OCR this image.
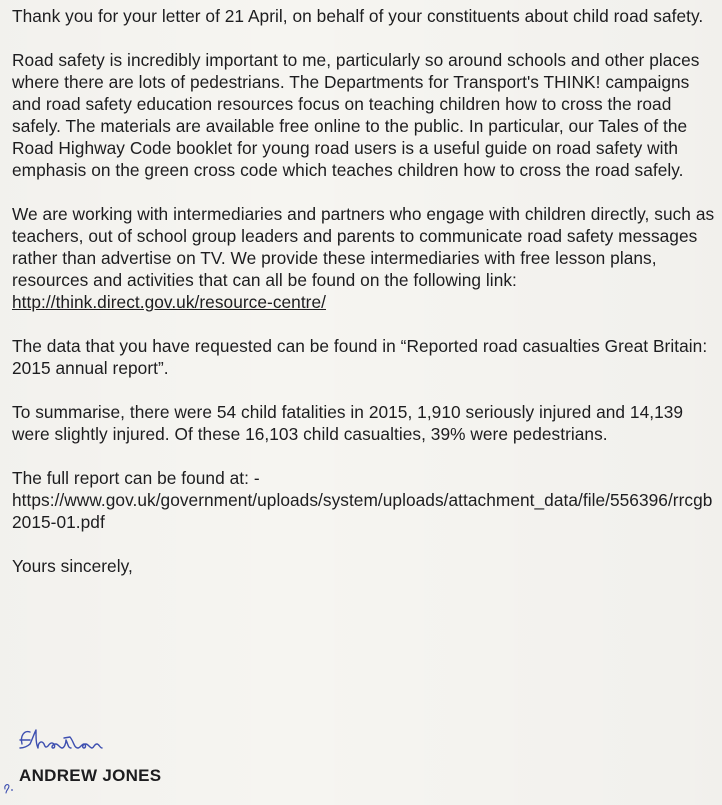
Thank you for your letter of 21 April, on behalf of your constituents about child road safety.

Road safety is incredibly important to me, particularly so around schools and other places where there are lots of pedestrians. The Departments for Transport's THINK! campaigns and road safety education resources focus on teaching children how to cross the road safely. The materials are available free online to the public. In particular, our Tales of the Road Highway Code booklet for young road users is a useful guide on road safety with emphasis on the green cross code which teaches children how to cross the road safely.

We are working with intermediaries and partners who engage with children directly, such as teachers, out of school group leaders and parents to communicate road safety messages rather than advertise on TV. We provide these intermediaries with free lesson plans, resources and activities that can all be found on the following link: http://think.direct.gov.uk/resource-centre/

The data that you have requested can be found in “Reported road casualties Great Britain: 2015 annual report”.

To summarise, there were 54 child fatalities in 2015, 1,910 seriously injured and 14,139 were slightly injured. Of these 16,103 child casualties, 39% were pedestrians.

The full report can be found at: -
https://www.gov.uk/government/uploads/system/uploads/attachment_data/file/556396/rrcgb2015-01.pdf

Yours sincerely,

ANDREW JONES
